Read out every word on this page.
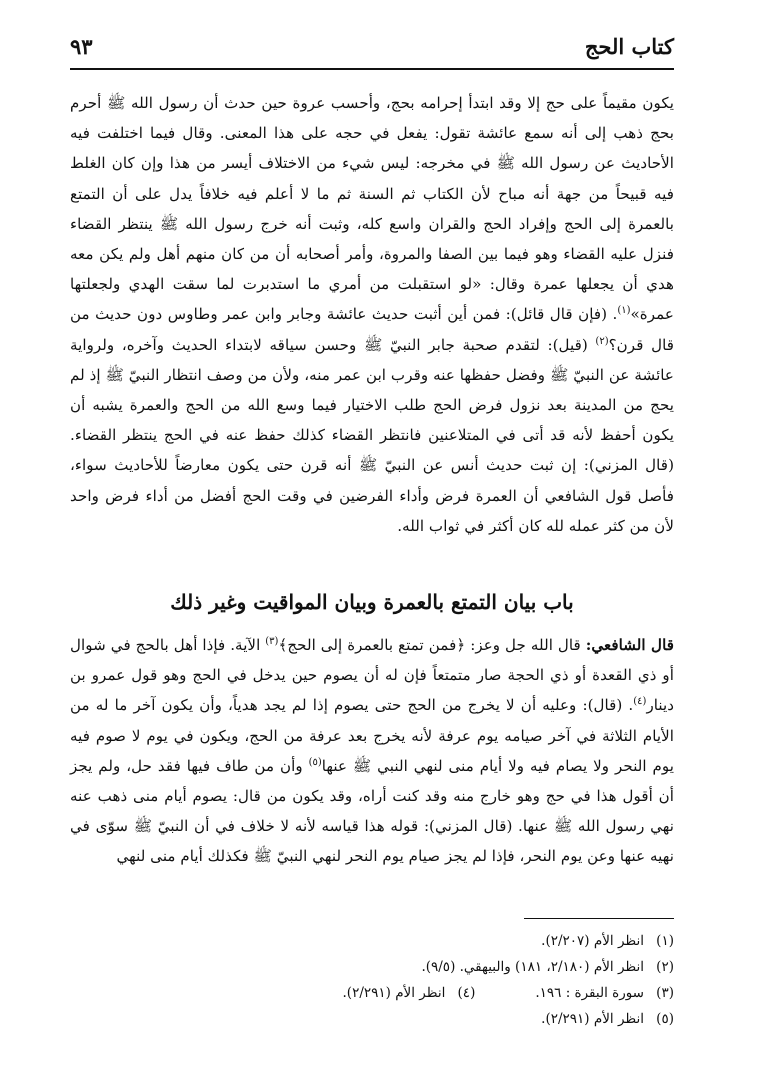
كتاب الحج
٩٣

يكون مقيماً على حج إلا وقد ابتدأ إحرامه بحج، وأحسب عروة حين حدث أن رسول الله ﷺ أحرم بحج ذهب إلى أنه سمع عائشة تقول: يفعل في حجه على هذا المعنى. وقال فيما اختلفت فيه الأحاديث عن رسول الله ﷺ في مخرجه: ليس شيء من الاختلاف أيسر من هذا وإن كان الغلط فيه قبيحاً من جهة أنه مباح لأن الكتاب ثم السنة ثم ما لا أعلم فيه خلافاً يدل على أن التمتع بالعمرة إلى الحج وإفراد الحج والقران واسع كله، وثبت أنه خرج رسول الله ﷺ ينتظر القضاء فنزل عليه القضاء وهو فيما بين الصفا والمروة، وأمر أصحابه أن من كان منهم أهل ولم يكن معه هدي أن يجعلها عمرة وقال: «لو استقبلت من أمري ما استدبرت لما سقت الهدي ولجعلتها عمرة»$^{(١)}$. (فإن قال قائل): فمن أين أثبت حديث عائشة وجابر وابن عمر وطاوس دون حديث من قال قرن؟$^{(٢)}$ (قيل): لتقدم صحبة جابر النبيّ ﷺ وحسن سياقه لابتداء الحديث وآخره، ولرواية عائشة عن النبيّ ﷺ وفضل حفظها عنه وقرب ابن عمر منه، ولأن من وصف انتظار النبيّ ﷺ إذ لم يحج من المدينة بعد نزول فرض الحج طلب الاختيار فيما وسع الله من الحج والعمرة يشبه أن يكون أحفظ لأنه قد أتى في المتلاعنين فانتظر القضاء كذلك حفظ عنه في الحج ينتظر القضاء. (قال المزني): إن ثبت حديث أنس عن النبيّ ﷺ أنه قرن حتى يكون معارضاً للأحاديث سواء، فأصل قول الشافعي أن العمرة فرض وأداء الفرضين في وقت الحج أفضل من أداء فرض واحد لأن من كثر عمله لله كان أكثر في ثواب الله.

باب بيان التمتع بالعمرة وبيان المواقيت وغير ذلك

قال الشافعي: قال الله جل وعز: ﴿فمن تمتع بالعمرة إلى الحج﴾$^{(٣)}$ الآية. فإذا أهل بالحج في شوال أو ذي القعدة أو ذي الحجة صار متمتعاً فإن له أن يصوم حين يدخل في الحج وهو قول عمرو بن دينار$^{(٤)}$. (قال): وعليه أن لا يخرج من الحج حتى يصوم إذا لم يجد هدياً، وأن يكون آخر ما له من الأيام الثلاثة في آخر صيامه يوم عرفة لأنه يخرج بعد عرفة من الحج، ويكون في يوم لا صوم فيه يوم النحر ولا يصام فيه ولا أيام منى لنهي النبي ﷺ عنها$^{(٥)}$ وأن من طاف فيها فقد حل، ولم يجز أن أقول هذا في حج وهو خارج منه وقد كنت أراه، وقد يكون من قال: يصوم أيام منى ذهب عنه نهي رسول الله ﷺ عنها. (قال المزني): قوله هذا قياسه لأنه لا خلاف في أن النبيّ ﷺ سوّى في نهيه عنها وعن يوم النحر، فإذا لم يجز صيام يوم النحر لنهي النبيّ ﷺ فكذلك أيام منى لنهي

(١)انظر الأم (٢/٢٠٧).
(٢)انظر الأم (٢/١٨٠، ١٨١) والبيهقي. (٩/٥).
(٣)سورة البقرة : ١٩٦.(٤)انظر الأم (٢/٢٩١).
(٥)انظر الأم (٢/٢٩١).
